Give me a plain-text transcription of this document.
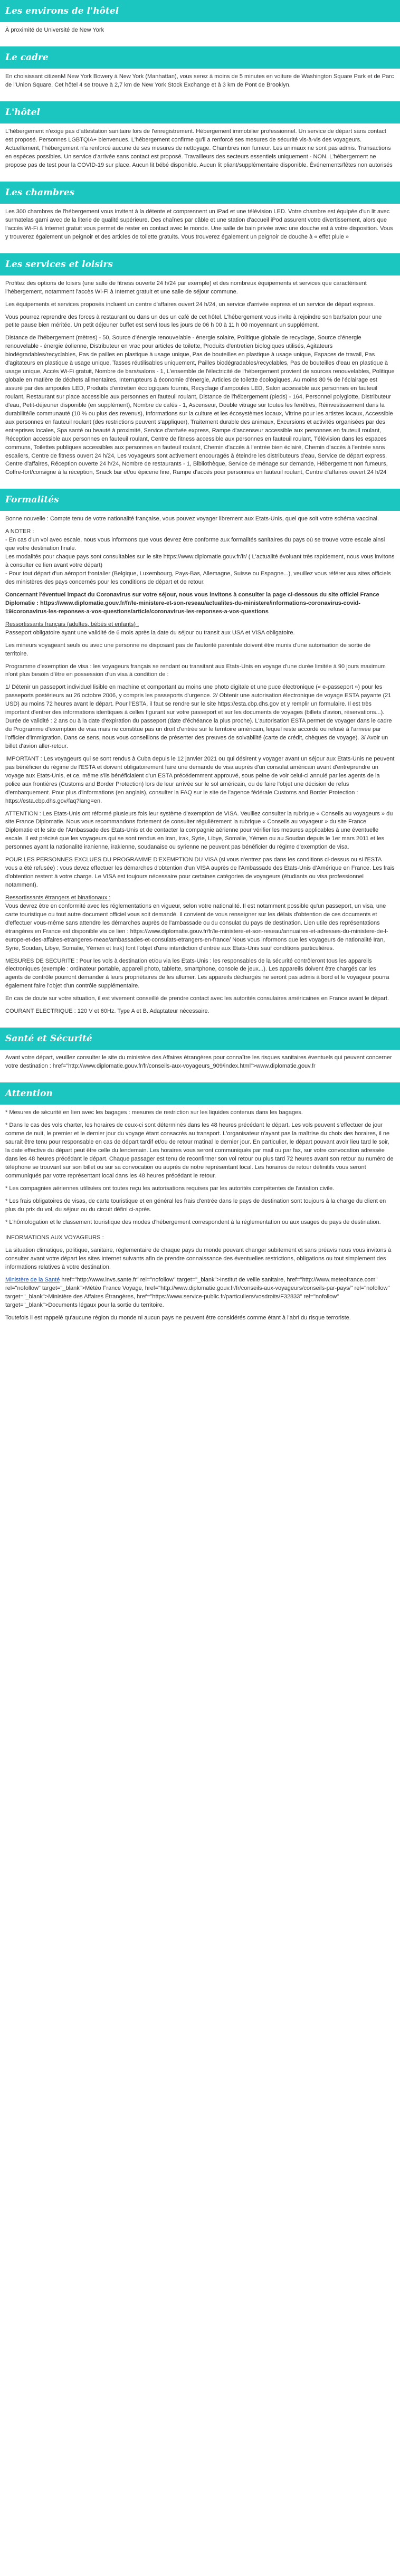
Les environs de l'hôtel

À proximité de Université de New York

Le cadre

En choisissant citizenM New York Bowery à New York (Manhattan), vous serez à moins de 5 minutes en voiture de Washington Square Park et de Parc de l'Union Square. Cet hôtel 4 se trouve à 2,7 km de New York Stock Exchange et à 3 km de Pont de Brooklyn.

L'hôtel

L'hébergement n'exige pas d'attestation sanitaire lors de l'enregistrement. Hébergement immobilier professionnel. Un service de départ sans contact est proposé. Personnes LGBTQIA+ bienvenues. L'hébergement confirme qu'il a renforcé ses mesures de sécurité vis-à-vis des voyageurs. Actuellement, l'hébergement n'a renforcé aucune de ses mesures de nettoyage. Chambres non fumeur. Les animaux ne sont pas admis. Transactions en espèces possibles. Un service d'arrivée sans contact est proposé. Travailleurs des secteurs essentiels uniquement - NON. L'hébergement ne propose pas de test pour la COVID-19 sur place. Aucun lit bébé disponible. Aucun lit pliant/supplémentaire disponible. Événements/fêtes non autorisés

Les chambres

Les 300 chambres de l'hébergement vous invitent à la détente et comprennent un iPad et une télévision LED. Votre chambre est équipée d'un lit avec surmatelas garni avec de la literie de qualité supérieure. Des chaînes par câble et une station d'accueil iPod assurent votre divertissement, alors que l'accès Wi-Fi à Internet gratuit vous permet de rester en contact avec le monde. Une salle de bain privée avec une douche est à votre disposition. Vous y trouverez également un peignoir et des articles de toilette gratuits. Vous trouverez également un peignoir de douche à « effet pluie »

Les services et loisirs

Profitez des options de loisirs (une salle de fitness ouverte 24 h/24 par exemple) et des nombreux équipements et services que caractérisent l'hébergement, notamment l'accès Wi-Fi à Internet gratuit et une salle de séjour commune.

Les équipements et services proposés incluent un centre d'affaires ouvert 24 h/24, un service d'arrivée express et un service de départ express.

Vous pourrez reprendre des forces à restaurant ou dans un des un café de cet hôtel. L'hébergement vous invite à rejoindre son bar/salon pour une petite pause bien méritée. Un petit déjeuner buffet est servi tous les jours de 06 h 00 à 11 h 00 moyennant un supplément.

Distance de l'hébergement (mètres) - 50, Source d'énergie renouvelable - énergie solaire, Politique globale de recyclage, Source d'énergie renouvelable - énergie éolienne, Distributeur en vrac pour articles de toilette, Produits d'entretien biologiques utilisés, Agitateurs biodégradables/recyclables, Pas de pailles en plastique à usage unique, Pas de bouteilles en plastique à usage unique, Espaces de travail, Pas d'agitateurs en plastique à usage unique, Tasses réutilisables uniquement, Pailles biodégradables/recyclables, Pas de bouteilles d'eau en plastique à usage unique, Accès Wi-Fi gratuit, Nombre de bars/salons - 1, L'ensemble de l'électricité de l'hébergement provient de sources renouvelables, Politique globale en matière de déchets alimentaires, Interrupteurs à économie d'énergie, Articles de toilette écologiques, Au moins 80 % de l'éclairage est assuré par des ampoules LED, Produits d'entretien écologiques fournis, Recyclage d'ampoules LED, Salon accessible aux personnes en fauteuil roulant, Restaurant sur place accessible aux personnes en fauteuil roulant, Distance de l'hébergement (pieds) - 164, Personnel polyglotte, Distributeur d'eau, Petit-déjeuner disponible (en supplément), Nombre de cafés - 1, Ascenseur, Double vitrage sur toutes les fenêtres, Réinvestissement dans la durabilité/le communauté (10 % ou plus des revenus), Informations sur la culture et les écosystèmes locaux, Vitrine pour les artistes locaux, Accessible aux personnes en fauteuil roulant (des restrictions peuvent s'appliquer), Traitement durable des animaux, Excursions et activités organisées par des entreprises locales, Spa santé ou beauté à proximité, Service d'arrivée express, Rampe d'ascenseur accessible aux personnes en fauteuil roulant, Réception accessible aux personnes en fauteuil roulant, Centre de fitness accessible aux personnes en fauteuil roulant, Télévision dans les espaces communs, Toilettes publiques accessibles aux personnes en fauteuil roulant, Chemin d'accès à l'entrée bien éclairé, Chemin d'accès à l'entrée sans escaliers, Centre de fitness ouvert 24 h/24, Les voyageurs sont activement encouragés à éteindre les distributeurs d'eau, Service de départ express, Centre d'affaires, Réception ouverte 24 h/24, Nombre de restaurants - 1, Bibliothèque, Service de ménage sur demande, Hébergement non fumeurs, Coffre-fort/consigne à la réception, Snack bar et/ou épicerie fine, Rampe d'accès pour personnes en fauteuil roulant, Centre d'affaires ouvert 24 h/24

Formalités

Bonne nouvelle : Compte tenu de votre nationalité française, vous pouvez voyager librement aux Etats-Unis, quel que soit votre schéma vaccinal.

A NOTER :

- En cas d'un vol avec escale, nous vous informons que vous devrez être conforme aux formalités sanitaires du pays où se trouve votre escale ainsi que votre destination finale.

Les modalités pour chaque pays sont consultables sur le site https://www.diplomatie.gouv.fr/fr/ ( L'actualité évoluant très rapidement, nous vous invitons à consulter ce lien avant votre départ)

- Pour tout départ d'un aéroport frontalier (Belgique, Luxembourg, Pays-Bas, Allemagne, Suisse ou Espagne...), veuillez vous référer aux sites officiels des ministères des pays concernés pour les conditions de départ et de retour.

Concernant l'éventuel impact du Coronavirus sur votre séjour, nous vous invitons à consulter la page ci-dessous du site officiel France Diplomatie : https://www.diplomatie.gouv.fr/fr/le-ministere-et-son-reseau/actualites-du-ministere/informations-coronavirus-covid-19/coronavirus-les-reponses-a-vos-questions/article/coronavirus-les-reponses-a-vos-questions

Ressortissants français (adultes, bébés et enfants) :

Passeport obligatoire ayant une validité de 6 mois après la date du séjour ou transit aux USA et VISA obligatoire.

Les mineurs voyageant seuls ou avec une personne ne disposant pas de l'autorité parentale doivent être munis d'une autorisation de sortie de territoire.

Programme d'exemption de visa : les voyageurs français se rendant ou transitant aux Etats-Unis en voyage d'une durée limitée à 90 jours maximum n'ont plus besoin d'être en possession d'un visa à condition de :

1/ Détenir un passeport individuel lisible en machine et comportant au moins une photo digitale et une puce électronique (« e-passeport ») pour les passeports postérieurs au 26 octobre 2006, y compris les passeports d'urgence. 2/ Obtenir une autorisation électronique de voyage ESTA payante (21 USD) au moins 72 heures avant le départ. Pour l'ESTA, il faut se rendre sur le site https://esta.cbp.dhs.gov et y remplir un formulaire. Il est très important d'entrer des informations identiques à celles figurant sur votre passeport et sur les documents de voyages (billets d'avion, réservations...). Durée de validité : 2 ans ou à la date d'expiration du passeport (date d'échéance la plus proche). L'autorisation ESTA permet de voyager dans le cadre du Programme d'exemption de visa mais ne constitue pas un droit d'entrée sur le territoire américain, lequel reste accordé ou refusé à l'arrivée par l'officier d'immigration. Dans ce sens, nous vous conseillons de présenter des preuves de solvabilité (carte de crédit, chèques de voyage). 3/ Avoir un billet d'avion aller-retour.

IMPORTANT : Les voyageurs qui se sont rendus à Cuba depuis le 12 janvier 2021 ou qui désirent y voyager avant un séjour aux Etats-Unis ne peuvent pas bénéficier du régime de l'ESTA et doivent obligatoirement faire une demande de visa auprès d'un consulat américain avant d'entreprendre un voyage aux Etats-Unis, et ce, même s'ils bénéficiaient d'un ESTA précédemment approuvé, sous peine de voir celui-ci annulé par les agents de la police aux frontières (Customs and Border Protection) lors de leur arrivée sur le sol américain, ou de faire l'objet une décision de refus d'embarquement. Pour plus d'informations (en anglais), consulter la FAQ sur le site de l'agence fédérale Customs and Border Protection : https://esta.cbp.dhs.gov/faq?lang=en.

ATTENTION : Les Etats-Unis ont réformé plusieurs fois leur système d'exemption de VISA. Veuillez consulter la rubrique « Conseils au voyageurs » du site France Diplomatie. Nous vous recommandons fortement de consulter régulièrement la rubrique « Conseils au voyageur » du site France Diplomatie et le site de l'Ambassade des Etats-Unis et de contacter la compagnie aérienne pour vérifier les mesures applicables à une éventuelle escale. Il est précisé que les voyageurs qui se sont rendus en Iran, Irak, Syrie, Libye, Somalie, Yémen ou au Soudan depuis le 1er mars 2011 et les personnes ayant la nationalité iranienne, irakienne, soudanaise ou syrienne ne peuvent pas bénéficier du régime d'exemption de visa.

POUR LES PERSONNES EXCLUES DU PROGRAMME D'EXEMPTION DU VISA (si vous n'entrez pas dans les conditions ci-dessus ou si l'ESTA vous a été refusée) : vous devez effectuer les démarches d'obtention d'un VISA auprès de l'Ambassade des Etats-Unis d'Amérique en France. Les frais d'obtention restent à votre charge. Le VISA est toujours nécessaire pour certaines catégories de voyageurs (étudiants ou visa professionnel notamment).

Ressortissants étrangers et binationaux :

Vous devrez être en conformité avec les réglementations en vigueur, selon votre nationalité. Il est notamment possible qu'un passeport, un visa, une carte touristique ou tout autre document officiel vous soit demandé. Il convient de vous renseigner sur les délais d'obtention de ces documents et d'effectuer vous-même sans attendre les démarches auprès de l'ambassade ou du consulat du pays de destination. Lien utile des représentations étrangères en France est disponible via ce lien : https://www.diplomatie.gouv.fr/fr/le-ministere-et-son-reseau/annuaires-et-adresses-du-ministere-de-l-europe-et-des-affaires-etrangeres-meae/ambassades-et-consulats-etrangers-en-france/ Nous vous informons que les voyageurs de nationalité Iran, Syrie, Soudan, Libye, Somalie, Yémen et Irak) font l'objet d'une interdiction d'entrée aux Etats-Unis sauf conditions particulières.

MESURES DE SECURITE : Pour les vols à destination et/ou via les Etats-Unis : les responsables de la sécurité contrôleront tous les appareils électroniques (exemple : ordinateur portable, appareil photo, tablette, smartphone, console de jeux...). Les appareils doivent être chargés car les agents de contrôle pourront demander à leurs propriétaires de les allumer. Les appareils déchargés ne seront pas admis à bord et le voyageur pourra également faire l'objet d'un contrôle supplémentaire.

En cas de doute sur votre situation, il est vivement conseillé de prendre contact avec les autorités consulaires américaines en France avant le départ.

COURANT ELECTRIQUE : 120 V et 60Hz. Type A et B. Adaptateur nécessaire.

Santé et Sécurité

Avant votre départ, veuillez consulter le site du ministère des Affaires étrangères pour connaître les risques sanitaires éventuels qui peuvent concerner votre destination : href="http://www.diplomatie.gouv.fr/fr/conseils-aux-voyageurs_909/index.html">www.diplomatie.gouv.fr

Attention

* Mesures de sécurité en lien avec les bagages : mesures de restriction sur les liquides contenus dans les bagages.

* Dans le cas des vols charter, les horaires de ceux-ci sont déterminés dans les 48 heures précédant le départ. Les vols peuvent s'effectuer de jour comme de nuit, le premier et le dernier jour du voyage étant consacrés au transport. L'organisateur n'ayant pas la maîtrise du choix des horaires, il ne saurait être tenu pour responsable en cas de départ tardif et/ou de retour matinal le dernier jour. En particulier, le départ pouvant avoir lieu tard le soir, la date effective du départ peut être celle du lendemain. Les horaires vous seront communiqués par mail ou par fax, sur votre convocation adressée dans les 48 heures précédant le départ. Chaque passager est tenu de reconfirmer son vol retour ou plus tard 72 heures avant son retour au numéro de téléphone se trouvant sur son billet ou sur sa convocation ou auprès de notre représentant local. Les horaires de retour définitifs vous seront communiqués par votre représentant local dans les 48 heures précédant le retour.

* Les compagnies aériennes utilisées ont toutes reçu les autorisations requises par les autorités compétentes de l'aviation civile.

* Les frais obligatoires de visas, de carte touristique et en général les frais d'entrée dans le pays de destination sont toujours à la charge du client en plus du prix du vol, du séjour ou du circuit défini ci-après.

* L'hômologation et le classement touristique des modes d'hébergement correspondent à la réglementation ou aux usages du pays de destination.

INFORMATIONS AUX VOYAGEURS :

La situation climatique, politique, sanitaire, réglementaire de chaque pays du monde pouvant changer subitement et sans préavis nous vous invitons à consulter avant votre départ les sites Internet suivants afin de prendre connaissance des éventuelles restrictions, obligations ou tout simplement des informations relatives à votre destination.

Ministère de la Santé href="http://www.invs.sante.fr" rel="nofollow" target="_blank">Institut de veille sanitaire, href="http://www.meteofrance.com" rel="nofollow" target="_blank">Météo France Voyage, href="http://www.diplomatie.gouv.fr/fr/conseils-aux-voyageurs/conseils-par-pays/" rel="nofollow" target="_blank">Ministère des Affaires Étrangères, href="https://www.service-public.fr/particuliers/vosdroits/F32833" rel="nofollow" target="_blank">Documents légaux pour la sortie du territoire.

Toutefois il est rappelé qu'aucune région du monde ni aucun pays ne peuvent être considérés comme étant à l'abri du risque terroriste.
